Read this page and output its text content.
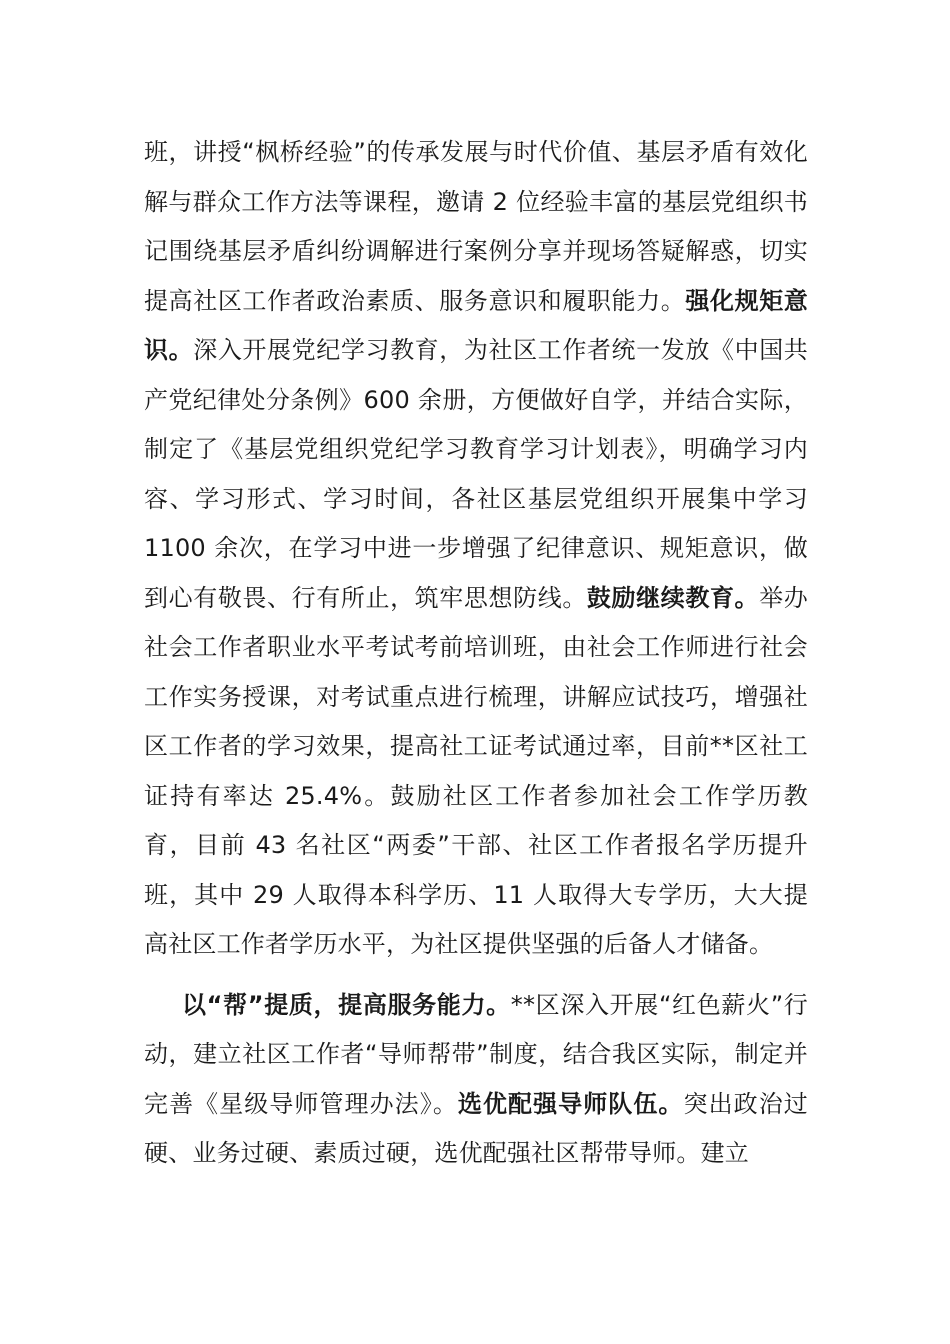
班，讲授“枫桥经验”的传承发展与时代价值、基层矛盾有效化解与群众工作方法等课程，邀请 2 位经验丰富的基层党组织书记围绕基层矛盾纠纷调解进行案例分享并现场答疑解惑，切实提高社区工作者政治素质、服务意识和履职能力。强化规矩意识。深入开展党纪学习教育，为社区工作者统一发放《中国共产党纪律处分条例》600 余册，方便做好自学，并结合实际，制定了《基层党组织党纪学习教育学习计划表》，明确学习内容、学习形式、学习时间，各社区基层党组织开展集中学习 1100 余次，在学习中进一步增强了纪律意识、规矩意识，做到心有敬畏、行有所止，筑牢思想防线。鼓励继续教育。举办社会工作者职业水平考试考前培训班，由社会工作师进行社会工作实务授课，对考试重点进行梳理，讲解应试技巧，增强社区工作者的学习效果，提高社工证考试通过率，目前**区社工证持有率达 25.4%。鼓励社区工作者参加社会工作学历教育，目前 43 名社区“两委”干部、社区工作者报名学历提升班，其中 29 人取得本科学历、11 人取得大专学历，大大提高社区工作者学历水平，为社区提供坚强的后备人才储备。

以“帮”提质，提高服务能力。**区深入开展“红色薪火”行动，建立社区工作者“导师帮带”制度，结合我区实际，制定并完善《星级导师管理办法》。选优配强导师队伍。突出政治过硬、业务过硬、素质过硬，选优配强社区帮带导师。建立
